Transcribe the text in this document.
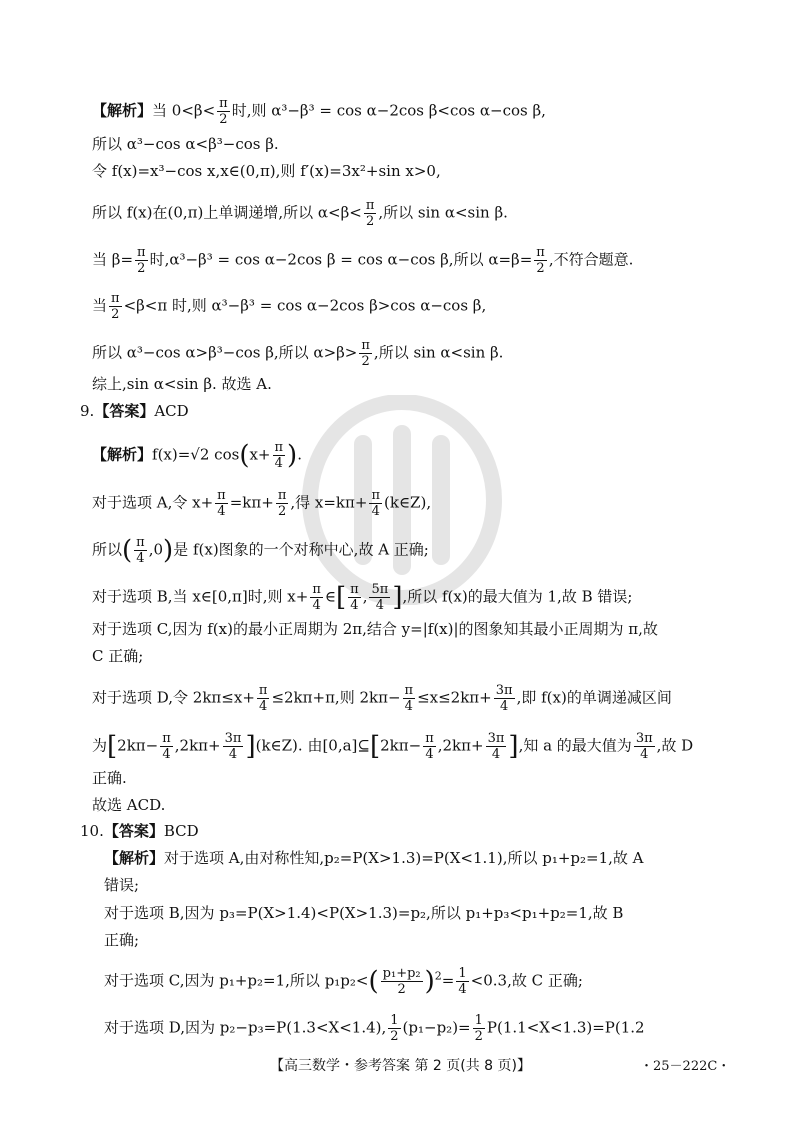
【解析】当 $0<\beta< \frac{\pi}{2}$ 时,则 α³−β³ = cos α−2cos β<cos α−cos β,
所以 α³−cos α<β³−cos β.
令 f(x)=x³−cos x,x∈(0,π),则 f′(x)=3x²+sin x>0,
所以 f(x)在(0,π)上单调递增,所以 $\alpha<\beta< \frac{\pi}{2}$ ,所以 sin α<sin β.
当 $\beta= \frac{\pi}{2}$ 时,α³−β³ = cos α−2cos β = cos α−cos β,所以 $\alpha=\beta= \frac{\pi}{2}$ ,不符合题意.
当 $\frac{\pi}{2} <\beta<\pi$ 时,则 α³−β³ = cos α−2cos β>cos α−cos β,
所以 α³−cos α>β³−cos β,所以 $\alpha>\beta> \frac{\pi}{2}$ ,所以 sin α<sin β.
综上,sin α<sin β. 故选 A.
9.【答案】ACD
【解析】f(x)=√2 $\cos(x+ \frac{\pi}{4}$ ).
对于选项 A,令 $x+ \frac{\pi}{4} =k\pi+ \frac{\pi}{2}$ ,得 $x=k\pi+ \frac{\pi}{4}$ (k∈Z),
所以( $\frac{\pi}{4} ,0$)是 f(x)图象的一个对称中心,故 A 正确;
对于选项 B,当 x∈[0,π]时,则 $x+ \frac{\pi}{4}$ ∈[ $\frac{\pi}{4}$ , $\frac{5\pi}{4}$ ],所以 f(x)的最大值为 1,故 B 错误;
对于选项 C,因为 f(x)的最小正周期为 2π,结合 y=|f(x)|的图象知其最小正周期为 π,故
C 正确;
对于选项 D,令 $2k\pi\le x+ \frac{\pi}{4} \le 2k\pi+\pi$,则 $2k\pi- \frac{\pi}{4} \le x\le 2k\pi+ \frac{3\pi}{4}$ ,即 f(x)的单调递减区间
为[$2k\pi- \frac{\pi}{4} ,2k\pi+ \frac{3\pi}{4}$ ](k∈Z). 由[0,a]⊆[2kπ− $\frac{\pi}{4} ,2k\pi+ \frac{3\pi}{4}$ ],知 a 的最大值为 $\frac{3\pi}{4}$ ,故 D
正确.
故选 ACD.
10.【答案】BCD
【解析】对于选项 A,由对称性知,p₂=P(X>1.3)=P(X<1.1),所以 p₁+p₂=1,故 A
错误;
对于选项 B,因为 p₃=P(X>1.4)<P(X>1.3)=p₂,所以 p₁+p₃<p₁+p₂=1,故 B
正确;
对于选项 C,因为 p₁+p₂=1,所以 $p_1p_2<( \frac{\text{p₁+p₂}}{2} )^2= \frac{1}{4} <0.3$,故 C 正确;
对于选项 D,因为 p₂−p₃=P(1.3<X<1.4), $\frac{1}{2} (p_1-p_2)= \frac{1}{2} P(1.1<X<1.3)=P(1.2$
【高三数学・参考答案 第 2 页(共 8 页)】	・25－222C・
